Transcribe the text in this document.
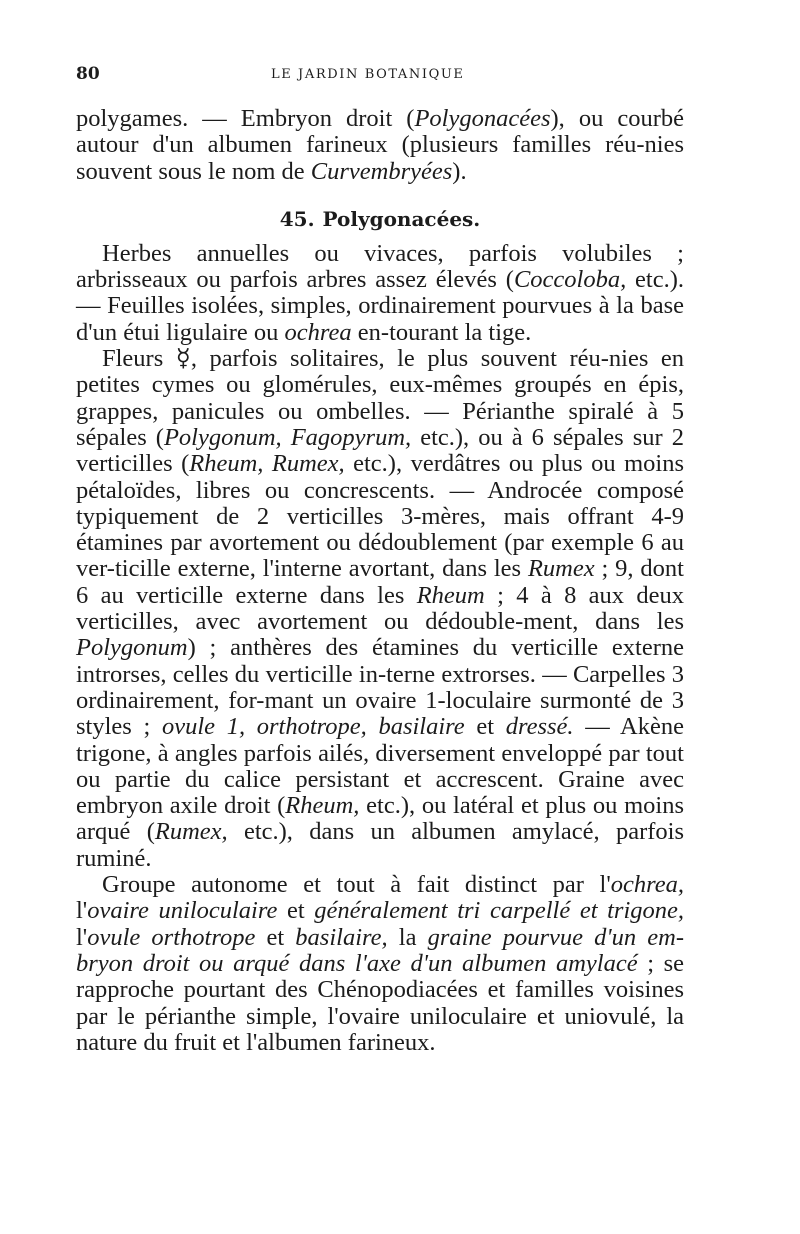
80	LE JARDIN BOTANIQUE

polygames. — Embryon droit (Polygonacées), ou courbé autour d'un albumen farineux (plusieurs familles réu-nies souvent sous le nom de Curvembryées).

45. Polygonacées.

Herbes annuelles ou vivaces, parfois volubiles ; arbrisseaux ou parfois arbres assez élevés (Coccoloba, etc.). — Feuilles isolées, simples, ordinairement pourvues à la base d'un étui ligulaire ou ochrea en-tourant la tige.

Fleurs ☿, parfois solitaires, le plus souvent réu-nies en petites cymes ou glomérules, eux-mêmes groupés en épis, grappes, panicules ou ombelles. — Périanthe spiralé à 5 sépales (Polygonum, Fagopyrum, etc.), ou à 6 sépales sur 2 verticilles (Rheum, Rumex, etc.), verdâtres ou plus ou moins pétaloïdes, libres ou concrescents. — Androcée composé typiquement de 2 verticilles 3-mères, mais offrant 4-9 étamines par avortement ou dédoublement (par exemple 6 au ver-ticille externe, l'interne avortant, dans les Rumex ; 9, dont 6 au verticille externe dans les Rheum ; 4 à 8 aux deux verticilles, avec avortement ou dédouble-ment, dans les Polygonum) ; anthères des étamines du verticille externe introrses, celles du verticille in-terne extrorses. — Carpelles 3 ordinairement, for-mant un ovaire 1-loculaire surmonté de 3 styles ; ovule 1, orthotrope, basilaire et dressé. — Akène trigone, à angles parfois ailés, diversement enveloppé par tout ou partie du calice persistant et accrescent. Graine avec embryon axile droit (Rheum, etc.), ou latéral et plus ou moins arqué (Rumex, etc.), dans un albumen amylacé, parfois ruminé.

Groupe autonome et tout à fait distinct par l'ochrea, l'ovaire uniloculaire et généralement tri carpellé et trigone, l'ovule orthotrope et basilaire, la graine pourvue d'un em-bryon droit ou arqué dans l'axe d'un albumen amylacé ; se rapproche pourtant des Chénopodiacées et familles voisines par le périanthe simple, l'ovaire uniloculaire et uniovulé, la nature du fruit et l'albumen farineux.
